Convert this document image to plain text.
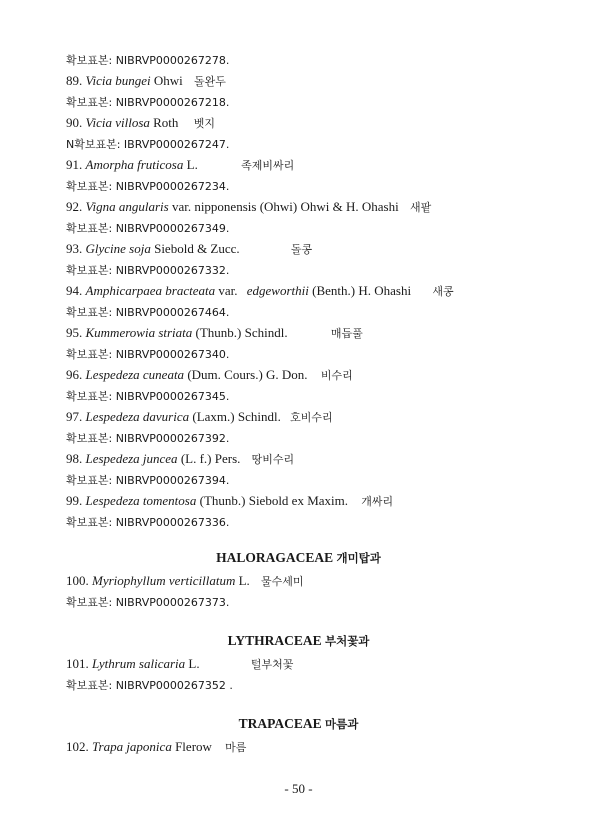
확보표본: NIBRVP0000267278.
89. Vicia bungei Ohwi 돌완두
확보표본: NIBRVP0000267218.
90. Vicia villosa Roth 벳지
N확보표본: IBRVP0000267247.
91. Amorpha fruticosa L.	족제비싸리
확보표본: NIBRVP0000267234.
92. Vigna angularis var. nipponensis (Ohwi) Ohwi & H. Ohashi 새팥
확보표본: NIBRVP0000267349.
93. Glycine soja Siebold & Zucc.	돌콩
확보표본: NIBRVP0000267332.
94. Amphicarpaea bracteata var. edgeworthii (Benth.) H. Ohashi 새콩
확보표본: NIBRVP0000267464.
95. Kummerowia striata (Thunb.) Schindl.	매듭풀
확보표본: NIBRVP0000267340.
96. Lespedeza cuneata (Dum. Cours.) G. Don. 비수리
확보표본: NIBRVP0000267345.
97. Lespedeza davurica (Laxm.) Schindl. 호비수리
확보표본: NIBRVP0000267392.
98. Lespedeza juncea (L. f.) Pers. 땅비수리
확보표본: NIBRVP0000267394.
99. Lespedeza tomentosa (Thunb.) Siebold ex Maxim. 개싸리
확보표본: NIBRVP0000267336.
HALORAGACEAE 개미탑과
100. Myriophyllum verticillatum L. 물수세미
확보표본: NIBRVP0000267373.
LYTHRACEAE 부처꽃과
101. Lythrum salicaria L.	털부처꽃
확보표본: NIBRVP0000267352 .
TRAPACEAE 마름과
102. Trapa japonica Flerow 마름
- 50 -
